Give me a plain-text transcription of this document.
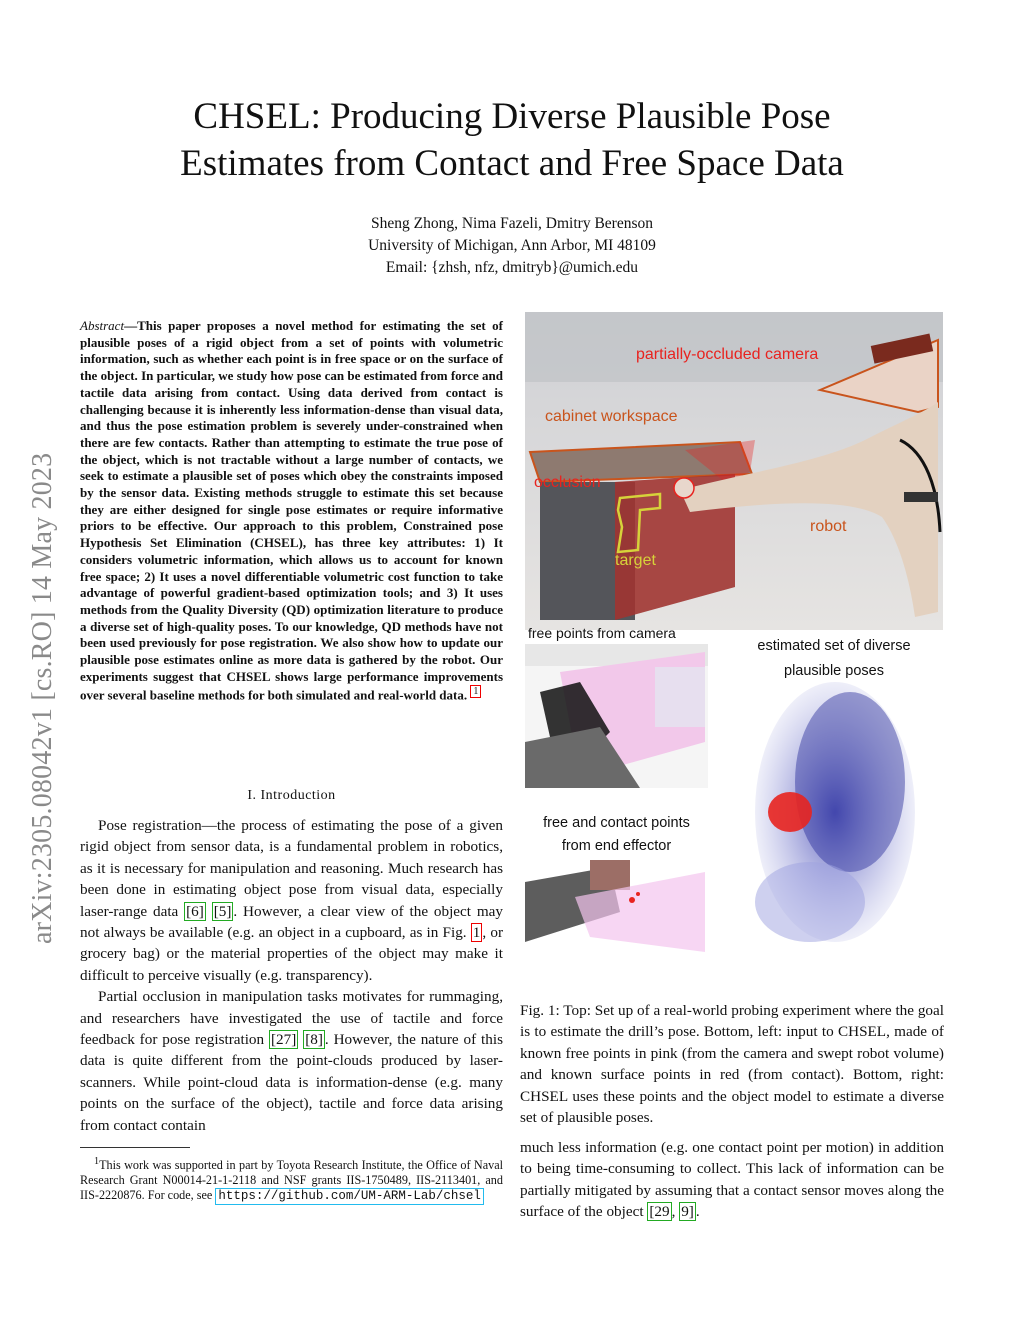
CHSEL: Producing Diverse Plausible Pose
Estimates from Contact and Free Space Data
Sheng Zhong, Nima Fazeli, Dmitry Berenson
University of Michigan, Ann Arbor, MI 48109
Email: {zhsh, nfz, dmitryb}@umich.edu
arXiv:2305.08042v1 [cs.RO] 14 May 2023
Abstract—This paper proposes a novel method for estimating the set of plausible poses of a rigid object from a set of points with volumetric information, such as whether each point is in free space or on the surface of the object. In particular, we study how pose can be estimated from force and tactile data arising from contact. Using data derived from contact is challenging because it is inherently less information-dense than visual data, and thus the pose estimation problem is severely under-constrained when there are few contacts. Rather than attempting to estimate the true pose of the object, which is not tractable without a large number of contacts, we seek to estimate a plausible set of poses which obey the constraints imposed by the sensor data. Existing methods struggle to estimate this set because they are either designed for single pose estimates or require informative priors to be effective. Our approach to this problem, Constrained pose Hypothesis Set Elimination (CHSEL), has three key attributes: 1) It considers volumetric information, which allows us to account for known free space; 2) It uses a novel differentiable volumetric cost function to take advantage of powerful gradient-based optimization tools; and 3) It uses methods from the Quality Diversity (QD) optimization literature to produce a diverse set of high-quality poses. To our knowledge, QD methods have not been used previously for pose registration. We also show how to update our plausible pose estimates online as more data is gathered by the robot. Our experiments suggest that CHSEL shows large performance improvements over several baseline methods for both simulated and real-world data. 1
I. Introduction

Pose registration—the process of estimating the pose of a given rigid object from sensor data, is a fundamental problem in robotics, as it is necessary for manipulation and reasoning. Much research has been done in estimating object pose from visual data, especially laser-range data [6] [5] . However, a clear view of the object may not always be available (e.g. an object in a cupboard, as in Fig. 1 , or grocery bag) or the material properties of the object may make it difficult to perceive visually (e.g. transparency).

Partial occlusion in manipulation tasks motivates for rummaging, and researchers have investigated the use of tactile and force feedback for pose registration [27] [8] . However, the nature of this data is quite different from the point-clouds produced by laser-scanners. While point-cloud data is information-dense (e.g. many points on the surface of the object), tactile and force data arising from contact contain

$^1$This work was supported in part by Toyota Research Institute, the Office of Naval Research Grant N00014-21-1-2118 and NSF grants IIS-1750489, IIS-2113401, and IIS-2220876. For code, see https://github.com/UM-ARM-Lab/chsel

partially-occluded camera
cabinet workspace
occlusion
robot
target
free points from camera
estimated set of diverse
plausible poses
free and contact points
from end effector

Fig. 1: Top: Set up of a real-world probing experiment where the goal is to estimate the drill’s pose. Bottom, left: input to CHSEL, made of known free points in pink (from the camera and swept robot volume) and known surface points in red (from contact). Bottom, right: CHSEL uses these points and the object model to estimate a diverse set of plausible poses.

much less information (e.g. one contact point per motion) in addition to being time-consuming to collect. This lack of information can be partially mitigated by assuming that a contact sensor moves along the surface of the object [29 , 9] .
